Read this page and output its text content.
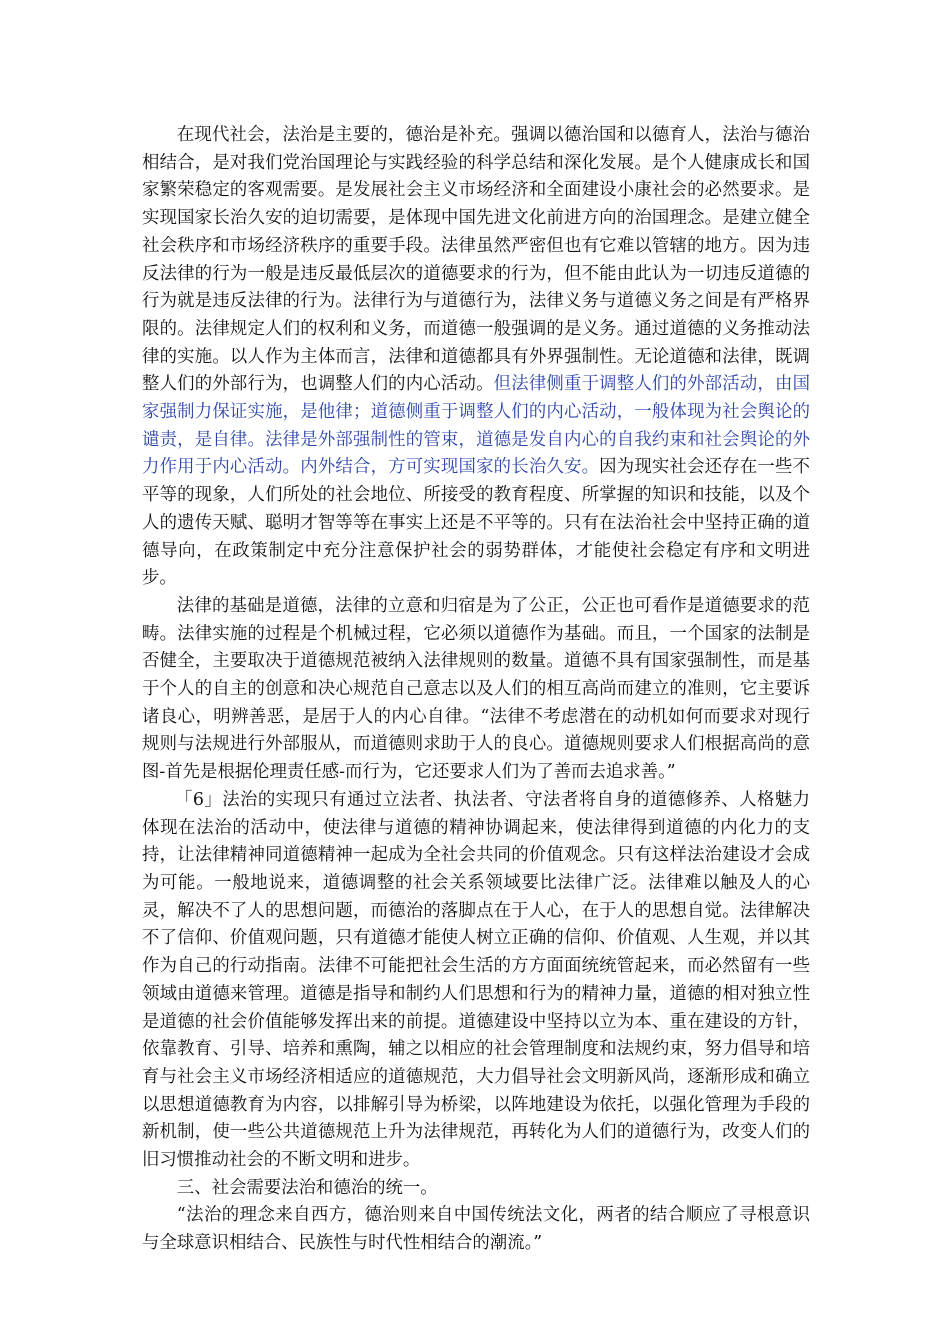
在现代社会，法治是主要的，德治是补充。强调以德治国和以德育人，法治与德治相结合，是对我们党治国理论与实践经验的科学总结和深化发展。是个人健康成长和国家繁荣稳定的客观需要。是发展社会主义市场经济和全面建设小康社会的必然要求。是实现国家长治久安的迫切需要，是体现中国先进文化前进方向的治国理念。是建立健全社会秩序和市场经济秩序的重要手段。法律虽然严密但也有它难以管辖的地方。因为违反法律的行为一般是违反最低层次的道德要求的行为，但不能由此认为一切违反道德的行为就是违反法律的行为。法律行为与道德行为，法律义务与道德义务之间是有严格界限的。法律规定人们的权利和义务，而道德一般强调的是义务。通过道德的义务推动法律的实施。以人作为主体而言，法律和道德都具有外界强制性。无论道德和法律，既调整人们的外部行为，也调整人们的内心活动。但法律侧重于调整人们的外部活动，由国家强制力保证实施，是他律；道德侧重于调整人们的内心活动，一般体现为社会舆论的谴责，是自律。法律是外部强制性的管束，道德是发自内心的自我约束和社会舆论的外力作用于内心活动。内外结合，方可实现国家的长治久安。因为现实社会还存在一些不平等的现象，人们所处的社会地位、所接受的教育程度、所掌握的知识和技能，以及个人的遗传天赋、聪明才智等等在事实上还是不平等的。只有在法治社会中坚持正确的道德导向，在政策制定中充分注意保护社会的弱势群体，才能使社会稳定有序和文明进步。

法律的基础是道德，法律的立意和归宿是为了公正，公正也可看作是道德要求的范畴。法律实施的过程是个机械过程，它必须以道德作为基础。而且，一个国家的法制是否健全，主要取决于道德规范被纳入法律规则的数量。道德不具有国家强制性，而是基于个人的自主的创意和决心规范自己意志以及人们的相互高尚而建立的准则，它主要诉诸良心，明辨善恶，是居于人的内心自律。“法律不考虑潜在的动机如何而要求对现行规则与法规进行外部服从，而道德则求助于人的良心。道德规则要求人们根据高尚的意图-首先是根据伦理责任感-而行为，它还要求人们为了善而去追求善。”

「6」法治的实现只有通过立法者、执法者、守法者将自身的道德修养、人格魅力体现在法治的活动中，使法律与道德的精神协调起来，使法律得到道德的内化力的支持，让法律精神同道德精神一起成为全社会共同的价值观念。只有这样法治建设才会成为可能。一般地说来，道德调整的社会关系领域要比法律广泛。法律难以触及人的心灵，解决不了人的思想问题，而德治的落脚点在于人心，在于人的思想自觉。法律解决不了信仰、价值观问题，只有道德才能使人树立正确的信仰、价值观、人生观，并以其作为自己的行动指南。法律不可能把社会生活的方方面面统统管起来，而必然留有一些领域由道德来管理。道德是指导和制约人们思想和行为的精神力量，道德的相对独立性是道德的社会价值能够发挥出来的前提。道德建设中坚持以立为本、重在建设的方针，依靠教育、引导、培养和熏陶，辅之以相应的社会管理制度和法规约束，努力倡导和培育与社会主义市场经济相适应的道德规范，大力倡导社会文明新风尚，逐渐形成和确立以思想道德教育为内容，以排解引导为桥梁，以阵地建设为依托，以强化管理为手段的新机制，使一些公共道德规范上升为法律规范，再转化为人们的道德行为，改变人们的旧习惯推动社会的不断文明和进步。

三、社会需要法治和德治的统一。

“法治的理念来自西方，德治则来自中国传统法文化，两者的结合顺应了寻根意识与全球意识相结合、民族性与时代性相结合的潮流。”
